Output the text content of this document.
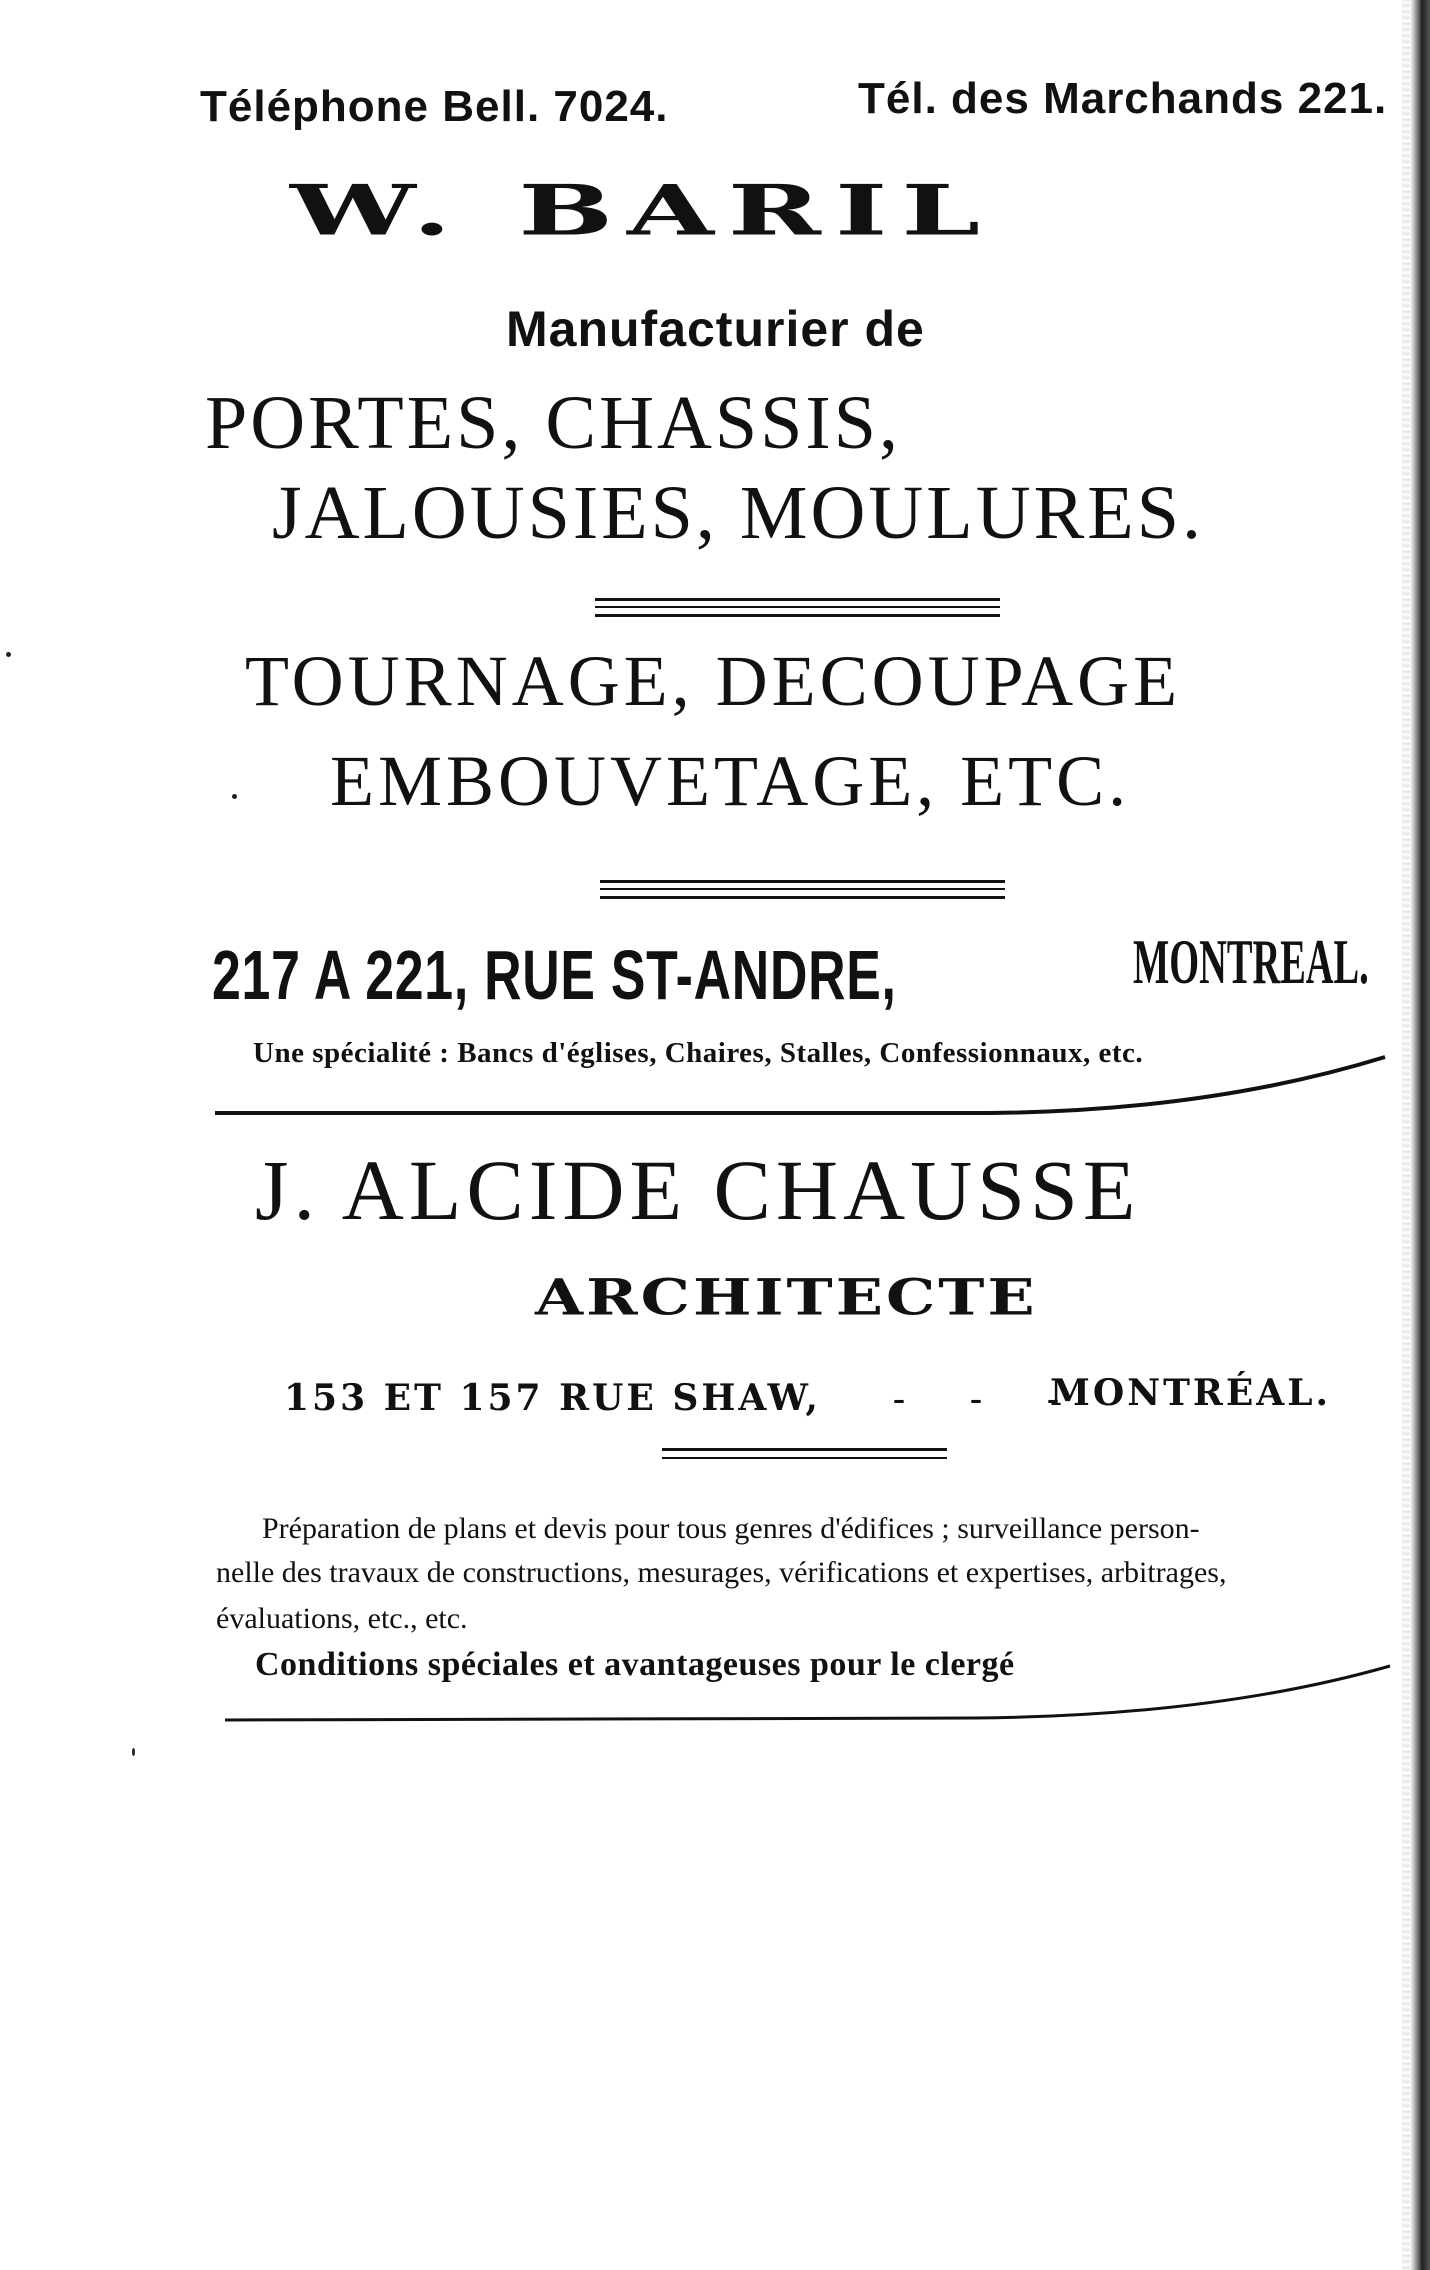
Téléphone Bell. 7024.	Tél. des Marchands 221.
W. BARIL
Manufacturier de
PORTES, CHASSIS,
JALOUSIES, MOULURES.
TOURNAGE, DECOUPAGE
EMBOUVETAGE, ETC.
217 A 221, RUE ST-ANDRE,	MONTREAL.
Une spécialité : Bancs d'églises, Chaires, Stalles, Confessionnaux, etc.
J. ALCIDE CHAUSSE
ARCHITECTE
153 ET 157 RUE SHAW, - - -
MONTRÉAL.
Préparation de plans et devis pour tous genres d'édifices ; surveillance person-
nelle des travaux de constructions, mesurages, vérifications et expertises, arbitrages,
évaluations, etc., etc.
Conditions spéciales et avantageuses pour le clergé
